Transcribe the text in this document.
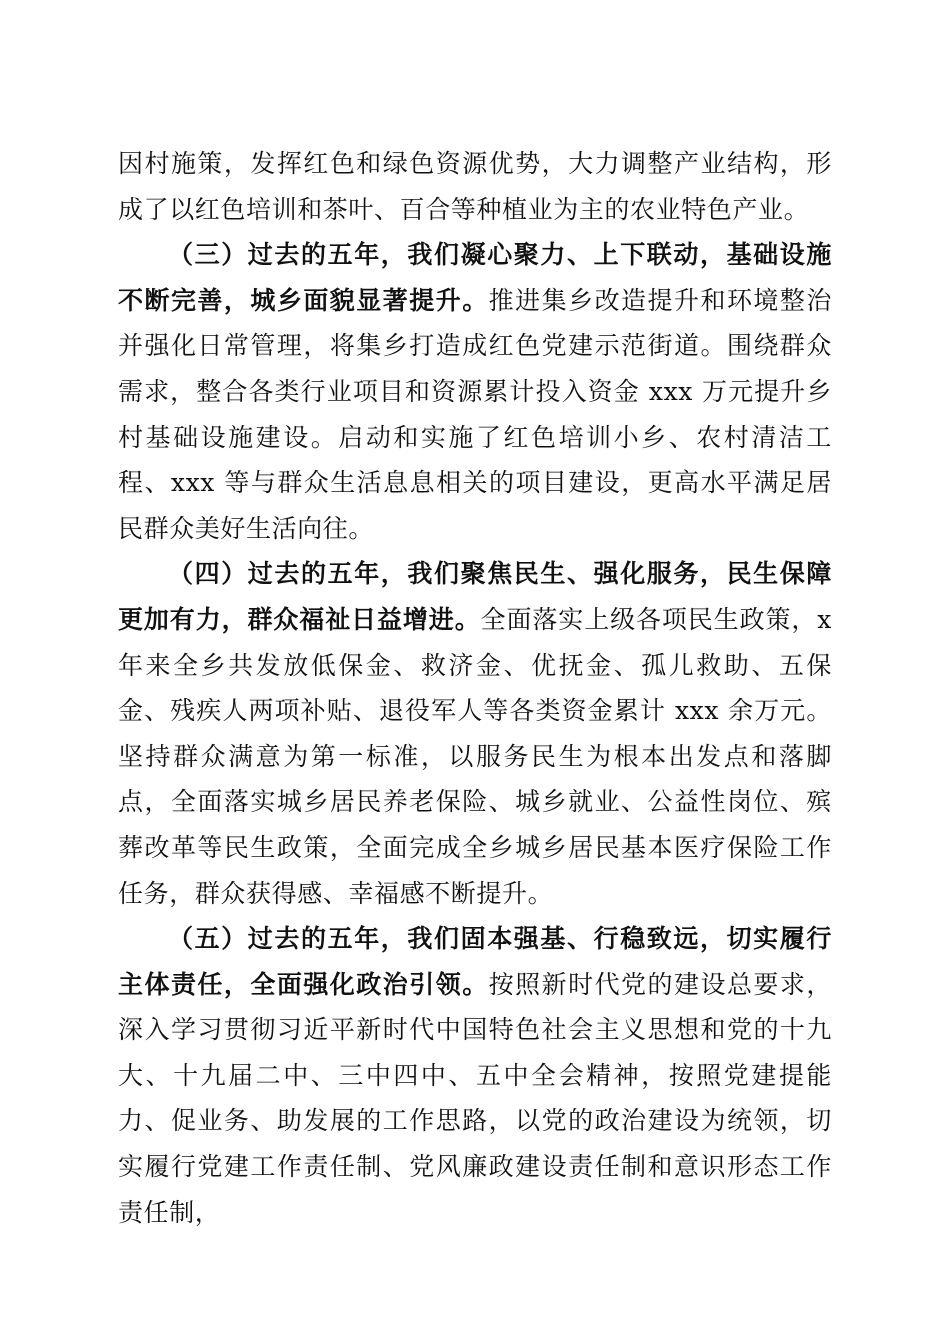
因村施策，发挥红色和绿色资源优势，大力调整产业结构，形成了以红色培训和茶叶、百合等种植业为主的农业特色产业。

（三）过去的五年，我们凝心聚力、上下联动，基础设施不断完善，城乡面貌显著提升。推进集乡改造提升和环境整治并强化日常管理，将集乡打造成红色党建示范街道。围绕群众需求，整合各类行业项目和资源累计投入资金 xxx 万元提升乡村基础设施建设。启动和实施了红色培训小乡、农村清洁工程、xxx 等与群众生活息息相关的项目建设，更高水平满足居民群众美好生活向往。

（四）过去的五年，我们聚焦民生、强化服务，民生保障更加有力，群众福祉日益增进。全面落实上级各项民生政策，x 年来全乡共发放低保金、救济金、优抚金、孤儿救助、五保金、残疾人两项补贴、退役军人等各类资金累计 xxx 余万元。坚持群众满意为第一标准，以服务民生为根本出发点和落脚点，全面落实城乡居民养老保险、城乡就业、公益性岗位、殡葬改革等民生政策，全面完成全乡城乡居民基本医疗保险工作任务，群众获得感、幸福感不断提升。

（五）过去的五年，我们固本强基、行稳致远，切实履行主体责任，全面强化政治引领。按照新时代党的建设总要求，深入学习贯彻习近平新时代中国特色社会主义思想和党的十九大、十九届二中、三中四中、五中全会精神，按照党建提能力、促业务、助发展的工作思路，以党的政治建设为统领，切实履行党建工作责任制、党风廉政建设责任制和意识形态工作责任制，
